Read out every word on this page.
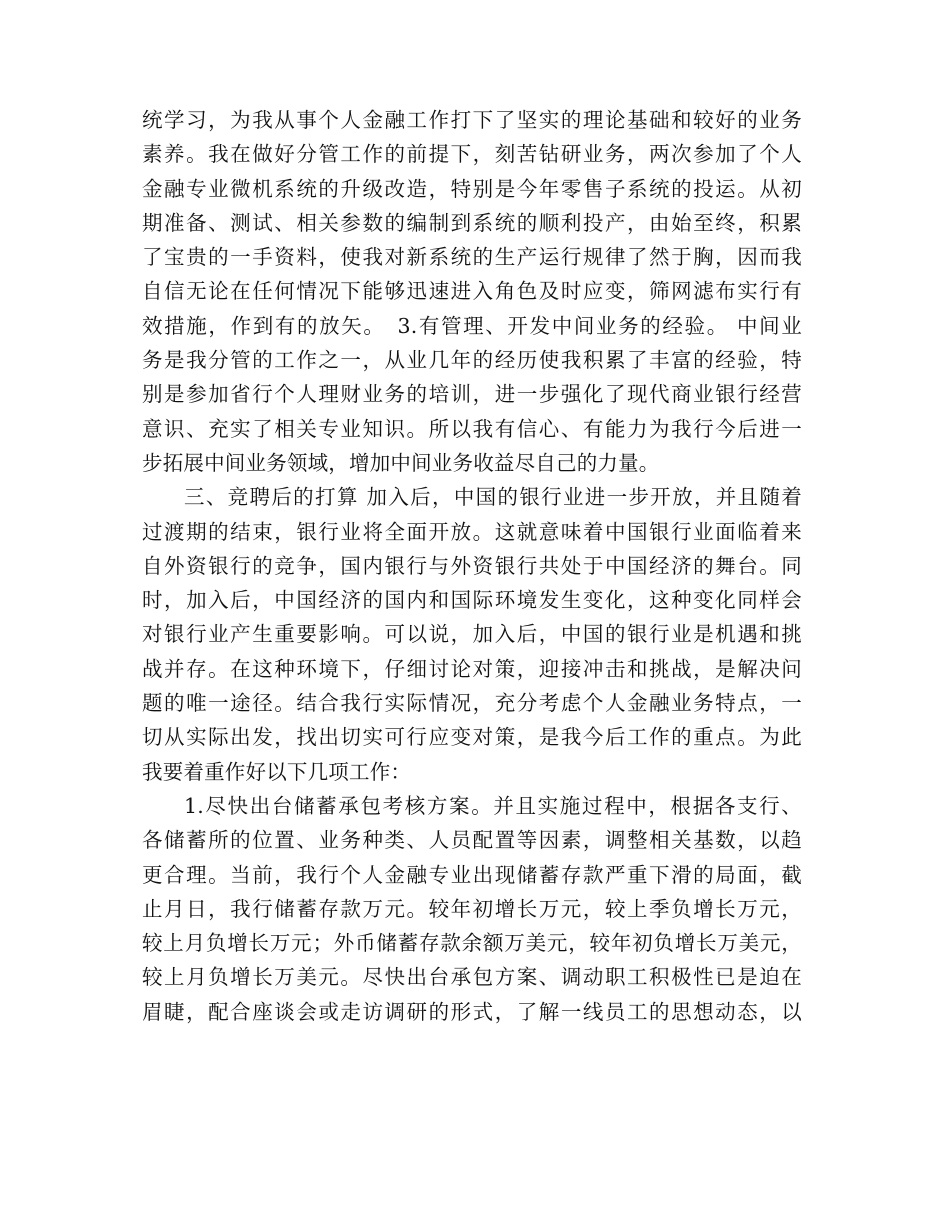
统学习，为我从事个人金融工作打下了坚实的理论基础和较好的业务
素养。我在做好分管工作的前提下，刻苦钻研业务，两次参加了个人
金融专业微机系统的升级改造，特别是今年零售子系统的投运。从初
期准备、测试、相关参数的编制到系统的顺利投产，由始至终，积累
了宝贵的一手资料，使我对新系统的生产运行规律了然于胸，因而我
自信无论在任何情况下能够迅速进入角色及时应变，筛网滤布实行有
效措施，作到有的放矢。　3.有管理、开发中间业务的经验。 中间业
务是我分管的工作之一，从业几年的经历使我积累了丰富的经验，特
别是参加省行个人理财业务的培训，进一步强化了现代商业银行经营
意识、充实了相关专业知识。所以我有信心、有能力为我行今后进一
步拓展中间业务领域，增加中间业务收益尽自己的力量。
三、竞聘后的打算 加入后，中国的银行业进一步开放，并且随着
过渡期的结束，银行业将全面开放。这就意味着中国银行业面临着来
自外资银行的竞争，国内银行与外资银行共处于中国经济的舞台。同
时，加入后，中国经济的国内和国际环境发生变化，这种变化同样会
对银行业产生重要影响。可以说，加入后，中国的银行业是机遇和挑
战并存。在这种环境下，仔细讨论对策，迎接冲击和挑战，是解决问
题的唯一途径。结合我行实际情况，充分考虑个人金融业务特点，一
切从实际出发，找出切实可行应变对策，是我今后工作的重点。为此
我要着重作好以下几项工作：
1.尽快出台储蓄承包考核方案。并且实施过程中，根据各支行、
各储蓄所的位置、业务种类、人员配置等因素，调整相关基数，以趋
更合理。当前，我行个人金融专业出现储蓄存款严重下滑的局面，截
止月日，我行储蓄存款万元。较年初增长万元，较上季负增长万元，
较上月负增长万元；外币储蓄存款余额万美元，较年初负增长万美元，
较上月负增长万美元。尽快出台承包方案、调动职工积极性已是迫在
眉睫，配合座谈会或走访调研的形式，了解一线员工的思想动态，以
